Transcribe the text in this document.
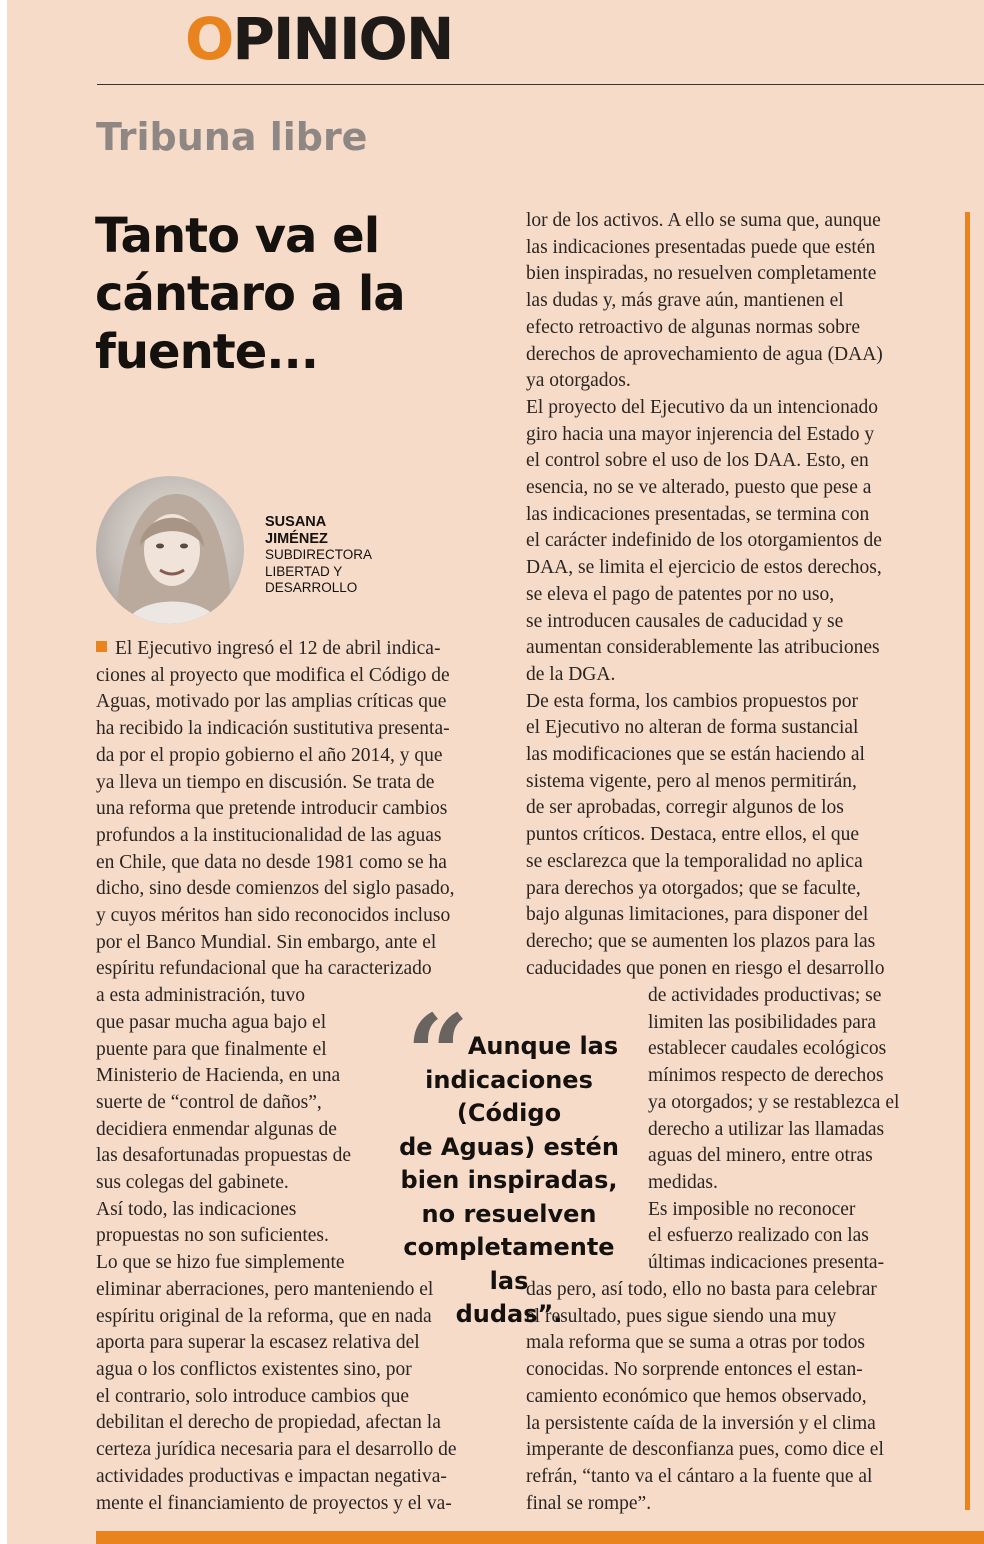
OPINION
Tribuna libre
Tanto va el
cántaro a la
fuente...
SUSANA
JIMÉNEZ
SUBDIRECTORA
LIBERTAD Y
DESARROLLO
El Ejecutivo ingresó el 12 de abril indica-
ciones al proyecto que modifica el Código de
Aguas, motivado por las amplias críticas que
ha recibido la indicación sustitutiva presenta-
da por el propio gobierno el año 2014, y que
ya lleva un tiempo en discusión. Se trata de
una reforma que pretende introducir cambios
profundos a la institucionalidad de las aguas
en Chile, que data no desde 1981 como se ha
dicho, sino desde comienzos del siglo pasado,
y cuyos méritos han sido reconocidos incluso
por el Banco Mundial. Sin embargo, ante el
espíritu refundacional que ha caracterizado
a esta administración, tuvo
que pasar mucha agua bajo el
puente para que finalmente el
Ministerio de Hacienda, en una
suerte de “control de daños”,
decidiera enmendar algunas de
las desafortunadas propuestas de
sus colegas del gabinete.
Así todo, las indicaciones
propuestas no son suficientes.
Lo que se hizo fue simplemente
eliminar aberraciones, pero manteniendo el
espíritu original de la reforma, que en nada
aporta para superar la escasez relativa del
agua o los conflictos existentes sino, por
el contrario, solo introduce cambios que
debilitan el derecho de propiedad, afectan la
certeza jurídica necesaria para el desarrollo de
actividades productivas e impactan negativa-
mente el financiamiento de proyectos y el va-
lor de los activos. A ello se suma que, aunque
las indicaciones presentadas puede que estén
bien inspiradas, no resuelven completamente
las dudas y, más grave aún, mantienen el
efecto retroactivo de algunas normas sobre
derechos de aprovechamiento de agua (DAA)
ya otorgados.
El proyecto del Ejecutivo da un intencionado
giro hacia una mayor injerencia del Estado y
el control sobre el uso de los DAA. Esto, en
esencia, no se ve alterado, puesto que pese a
las indicaciones presentadas, se termina con
el carácter indefinido de los otorgamientos de
DAA, se limita el ejercicio de estos derechos,
se eleva el pago de patentes por no uso,
se introducen causales de caducidad y se
aumentan considerablemente las atribuciones
de la DGA.
De esta forma, los cambios propuestos por
el Ejecutivo no alteran de forma sustancial
las modificaciones que se están haciendo al
sistema vigente, pero al menos permitirán,
de ser aprobadas, corregir algunos de los
puntos críticos. Destaca, entre ellos, el que
se esclarezca que la temporalidad no aplica
para derechos ya otorgados; que se faculte,
bajo algunas limitaciones, para disponer del
derecho; que se aumenten los plazos para las
caducidades que ponen en riesgo el desarrollo
de actividades productivas; se
limiten las posibilidades para
establecer caudales ecológicos
mínimos respecto de derechos
ya otorgados; y se restablezca el
derecho a utilizar las llamadas
aguas del minero, entre otras
medidas.
Es imposible no reconocer
el esfuerzo realizado con las
últimas indicaciones presenta-
das pero, así todo, ello no basta para celebrar
el resultado, pues sigue siendo una muy
mala reforma que se suma a otras por todos
conocidas. No sorprende entonces el estan-
camiento económico que hemos observado,
la persistente caída de la inversión y el clima
imperante de desconfianza pues, como dice el
refrán, “tanto va el cántaro a la fuente que al
final se rompe”.
“
Aunque las
indicaciones (Código
de Aguas) estén
bien inspiradas,
no resuelven
completamente las
dudas”.
